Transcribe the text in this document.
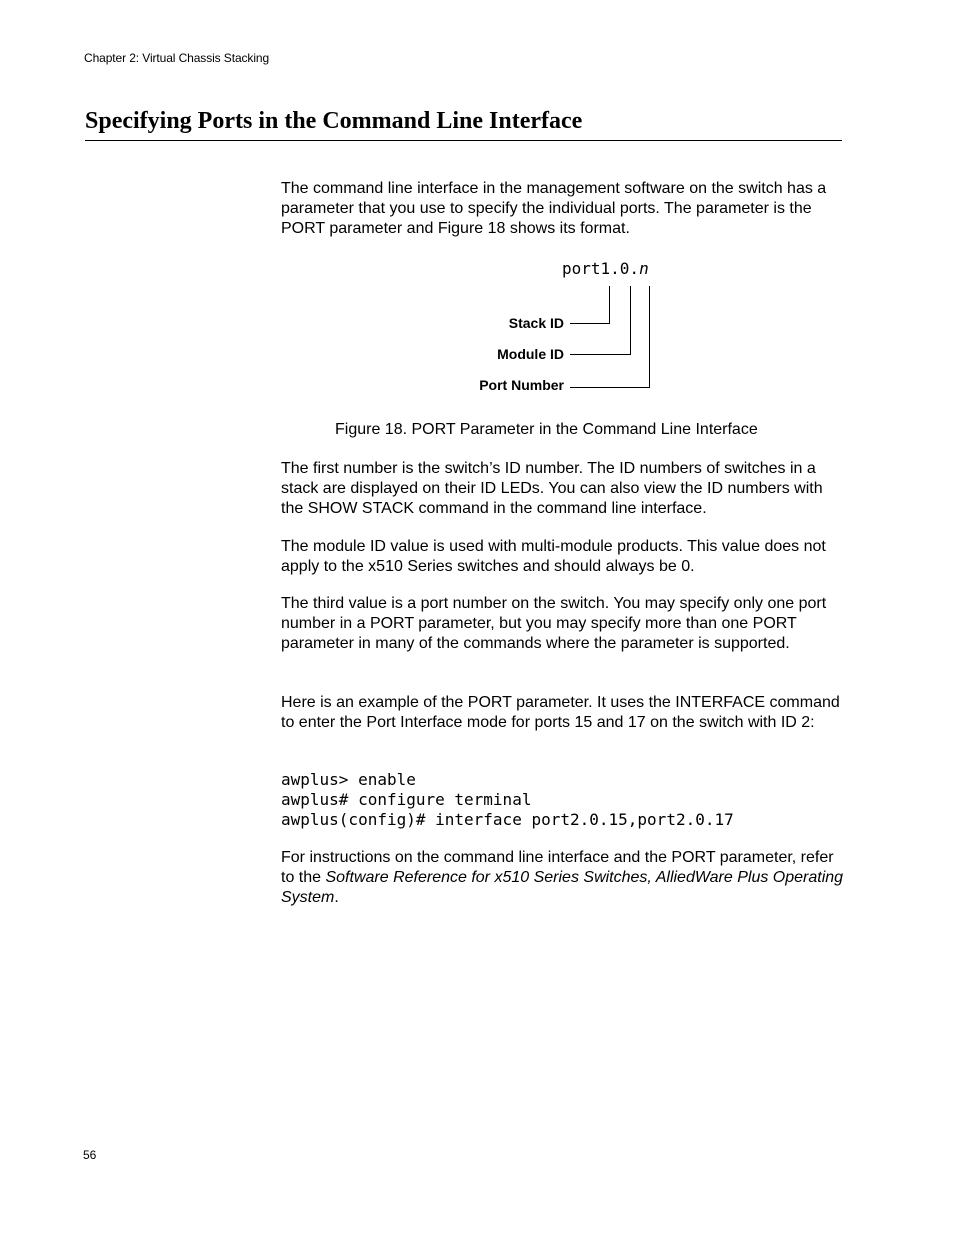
Chapter 2: Virtual Chassis Stacking
Specifying Ports in the Command Line Interface

The command line interface in the management software on the switch has a parameter that you use to specify the individual ports. The parameter is the PORT parameter and Figure 18 shows its format.

port1.0.n
Stack ID
Module ID
Port Number

Figure 18. PORT Parameter in the Command Line Interface

The first number is the switch’s ID number. The ID numbers of switches in a stack are displayed on their ID LEDs. You can also view the ID numbers with the SHOW STACK command in the command line interface.

The module ID value is used with multi-module products. This value does not apply to the x510 Series switches and should always be 0.

The third value is a port number on the switch. You may specify only one port number in a PORT parameter, but you may specify more than one PORT parameter in many of the commands where the parameter is supported.

Here is an example of the PORT parameter. It uses the INTERFACE command to enter the Port Interface mode for ports 15 and 17 on the switch with ID 2:

awplus> enable
awplus# configure terminal
awplus(config)# interface port2.0.15,port2.0.17

For instructions on the command line interface and the PORT parameter, refer to the Software Reference for x510 Series Switches, AlliedWare Plus Operating System.

56
